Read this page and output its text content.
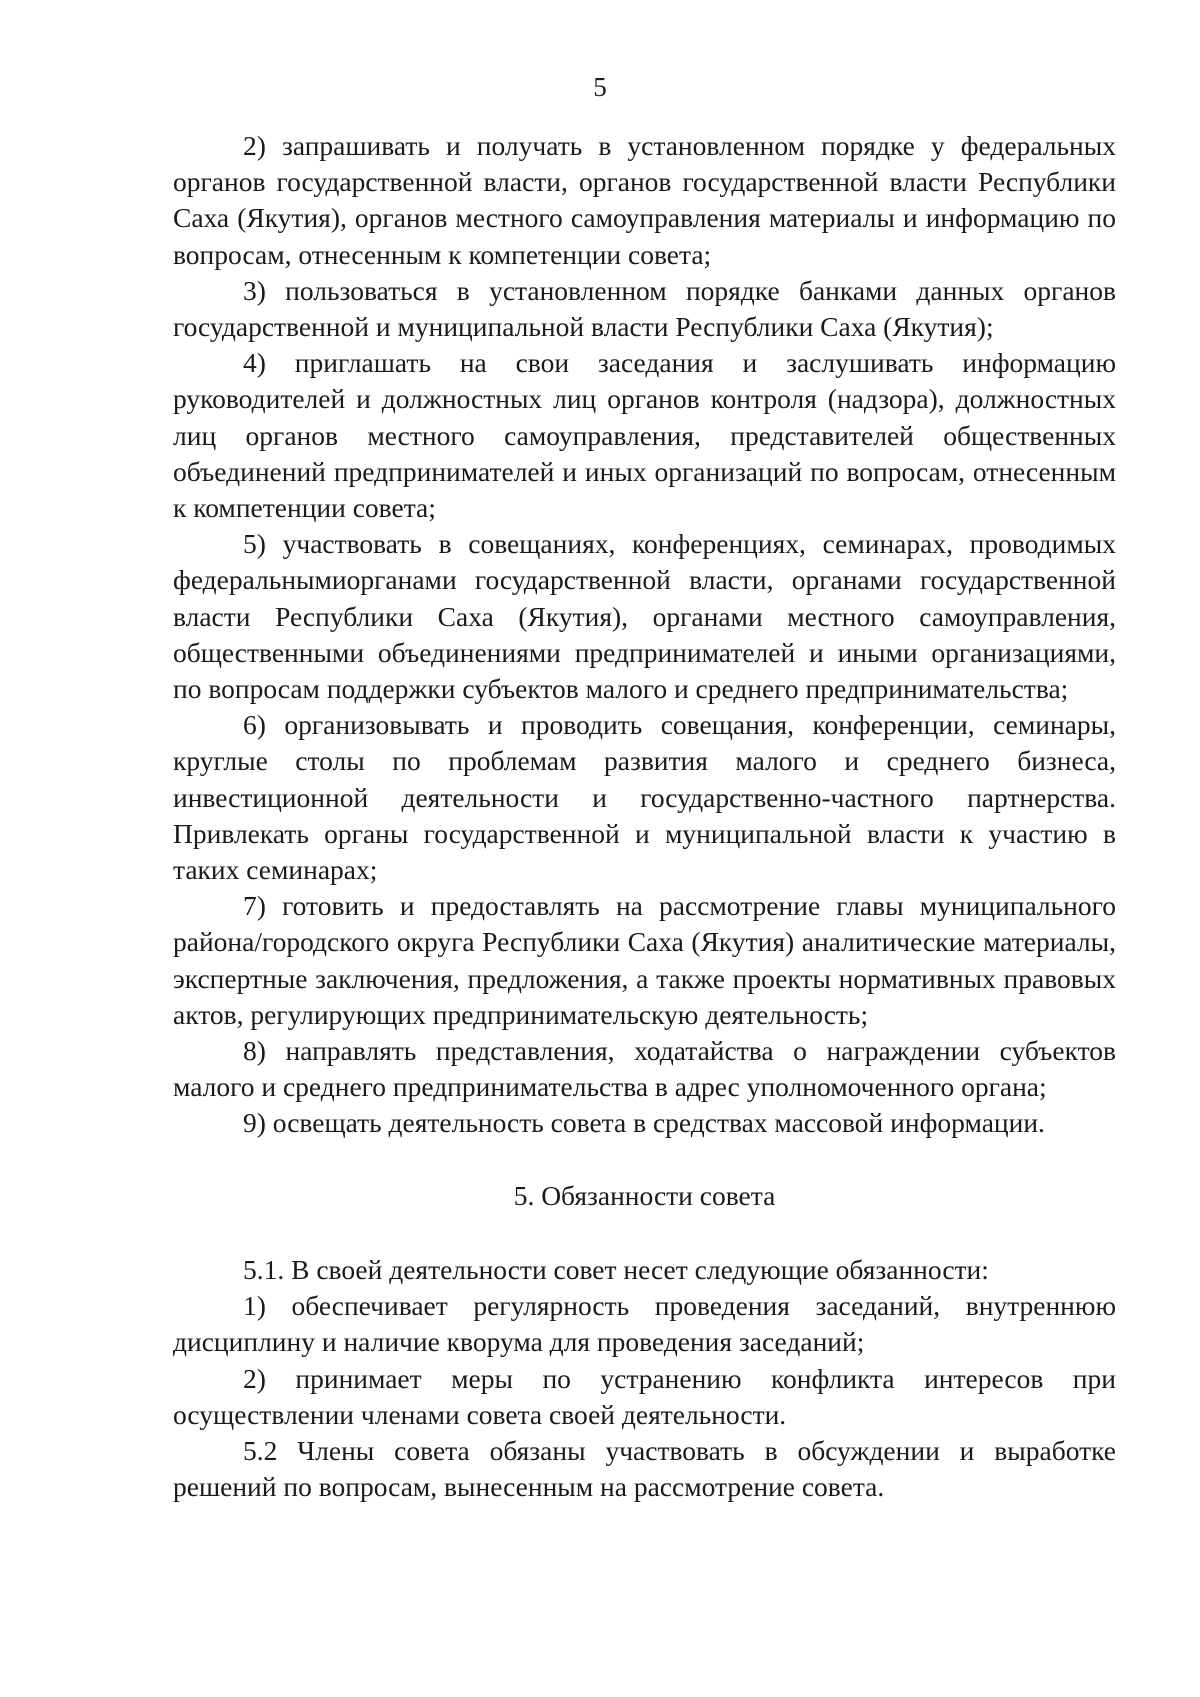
5

2) запрашивать и получать в установленном порядке у федеральных органов государственной власти, органов государственной власти Республики Саха (Якутия), органов местного самоуправления материалы и информацию по вопросам, отнесенным к компетенции совета;

3) пользоваться в установленном порядке банками данных органов государственной и муниципальной власти Республики Саха (Якутия);

4) приглашать на свои заседания и заслушивать информацию руководителей и должностных лиц органов контроля (надзора), должностных лиц органов местного самоуправления, представителей общественных объединений предпринимателей и иных организаций по вопросам, отнесенным к компетенции совета;

5) участвовать в совещаниях, конференциях, семинарах, проводимых федеральнымиорганами государственной власти, органами государственной власти Республики Саха (Якутия), органами местного самоуправления, общественными объединениями предпринимателей и иными организациями, по вопросам поддержки субъектов малого и среднего предпринимательства;

6) организовывать и проводить совещания, конференции, семинары, круглые столы по проблемам развития малого и среднего бизнеса, инвестиционной деятельности и государственно-частного партнерства. Привлекать органы государственной и муниципальной власти к участию в таких семинарах;

7) готовить и предоставлять на рассмотрение главы муниципального района/городского округа Республики Саха (Якутия) аналитические материалы, экспертные заключения, предложения, а также проекты нормативных правовых актов, регулирующих предпринимательскую деятельность;

8) направлять представления, ходатайства о награждении субъектов малого и среднего предпринимательства в адрес уполномоченного органа;

9) освещать деятельность совета в средствах массовой информации.

5. Обязанности совета

5.1. В своей деятельности совет несет следующие обязанности:

1) обеспечивает регулярность проведения заседаний, внутреннюю дисциплину и наличие кворума для проведения заседаний;

2) принимает меры по устранению конфликта интересов при осуществлении членами совета своей деятельности.

5.2 Члены совета обязаны участвовать в обсуждении и выработке решений по вопросам, вынесенным на рассмотрение совета.
